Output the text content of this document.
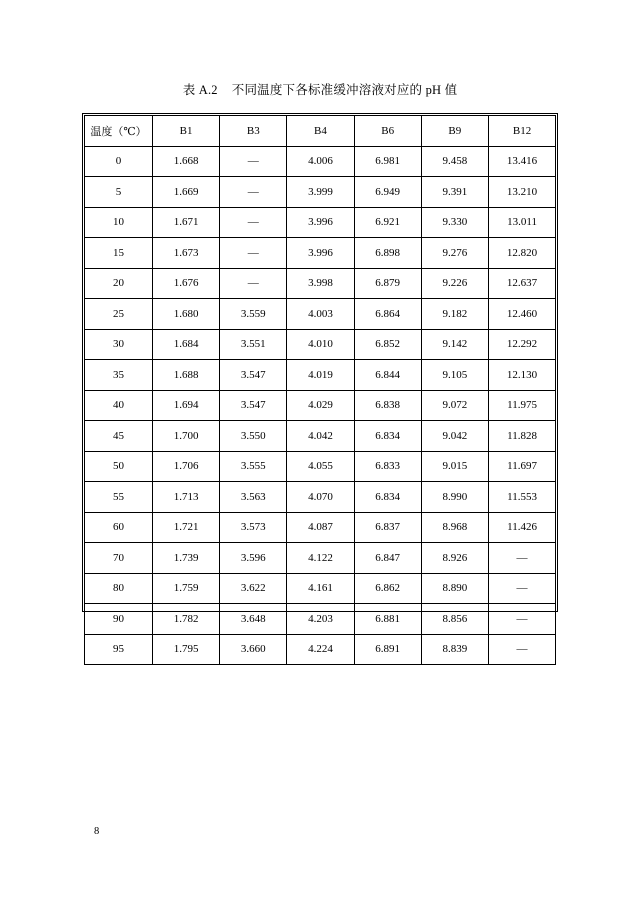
表 A.2 不同温度下各标准缓冲溶液对应的 pH 值
温度（℃）	B1	B3	B4	B6	B9	B12
0	1.668	—	4.006	6.981	9.458	13.416
5	1.669	—	3.999	6.949	9.391	13.210
10	1.671	—	3.996	6.921	9.330	13.011
15	1.673	—	3.996	6.898	9.276	12.820
20	1.676	—	3.998	6.879	9.226	12.637
25	1.680	3.559	4.003	6.864	9.182	12.460
30	1.684	3.551	4.010	6.852	9.142	12.292
35	1.688	3.547	4.019	6.844	9.105	12.130
40	1.694	3.547	4.029	6.838	9.072	11.975
45	1.700	3.550	4.042	6.834	9.042	11.828
50	1.706	3.555	4.055	6.833	9.015	11.697
55	1.713	3.563	4.070	6.834	8.990	11.553
60	1.721	3.573	4.087	6.837	8.968	11.426
70	1.739	3.596	4.122	6.847	8.926	—
80	1.759	3.622	4.161	6.862	8.890	—
90	1.782	3.648	4.203	6.881	8.856	—
95	1.795	3.660	4.224	6.891	8.839	—
8
